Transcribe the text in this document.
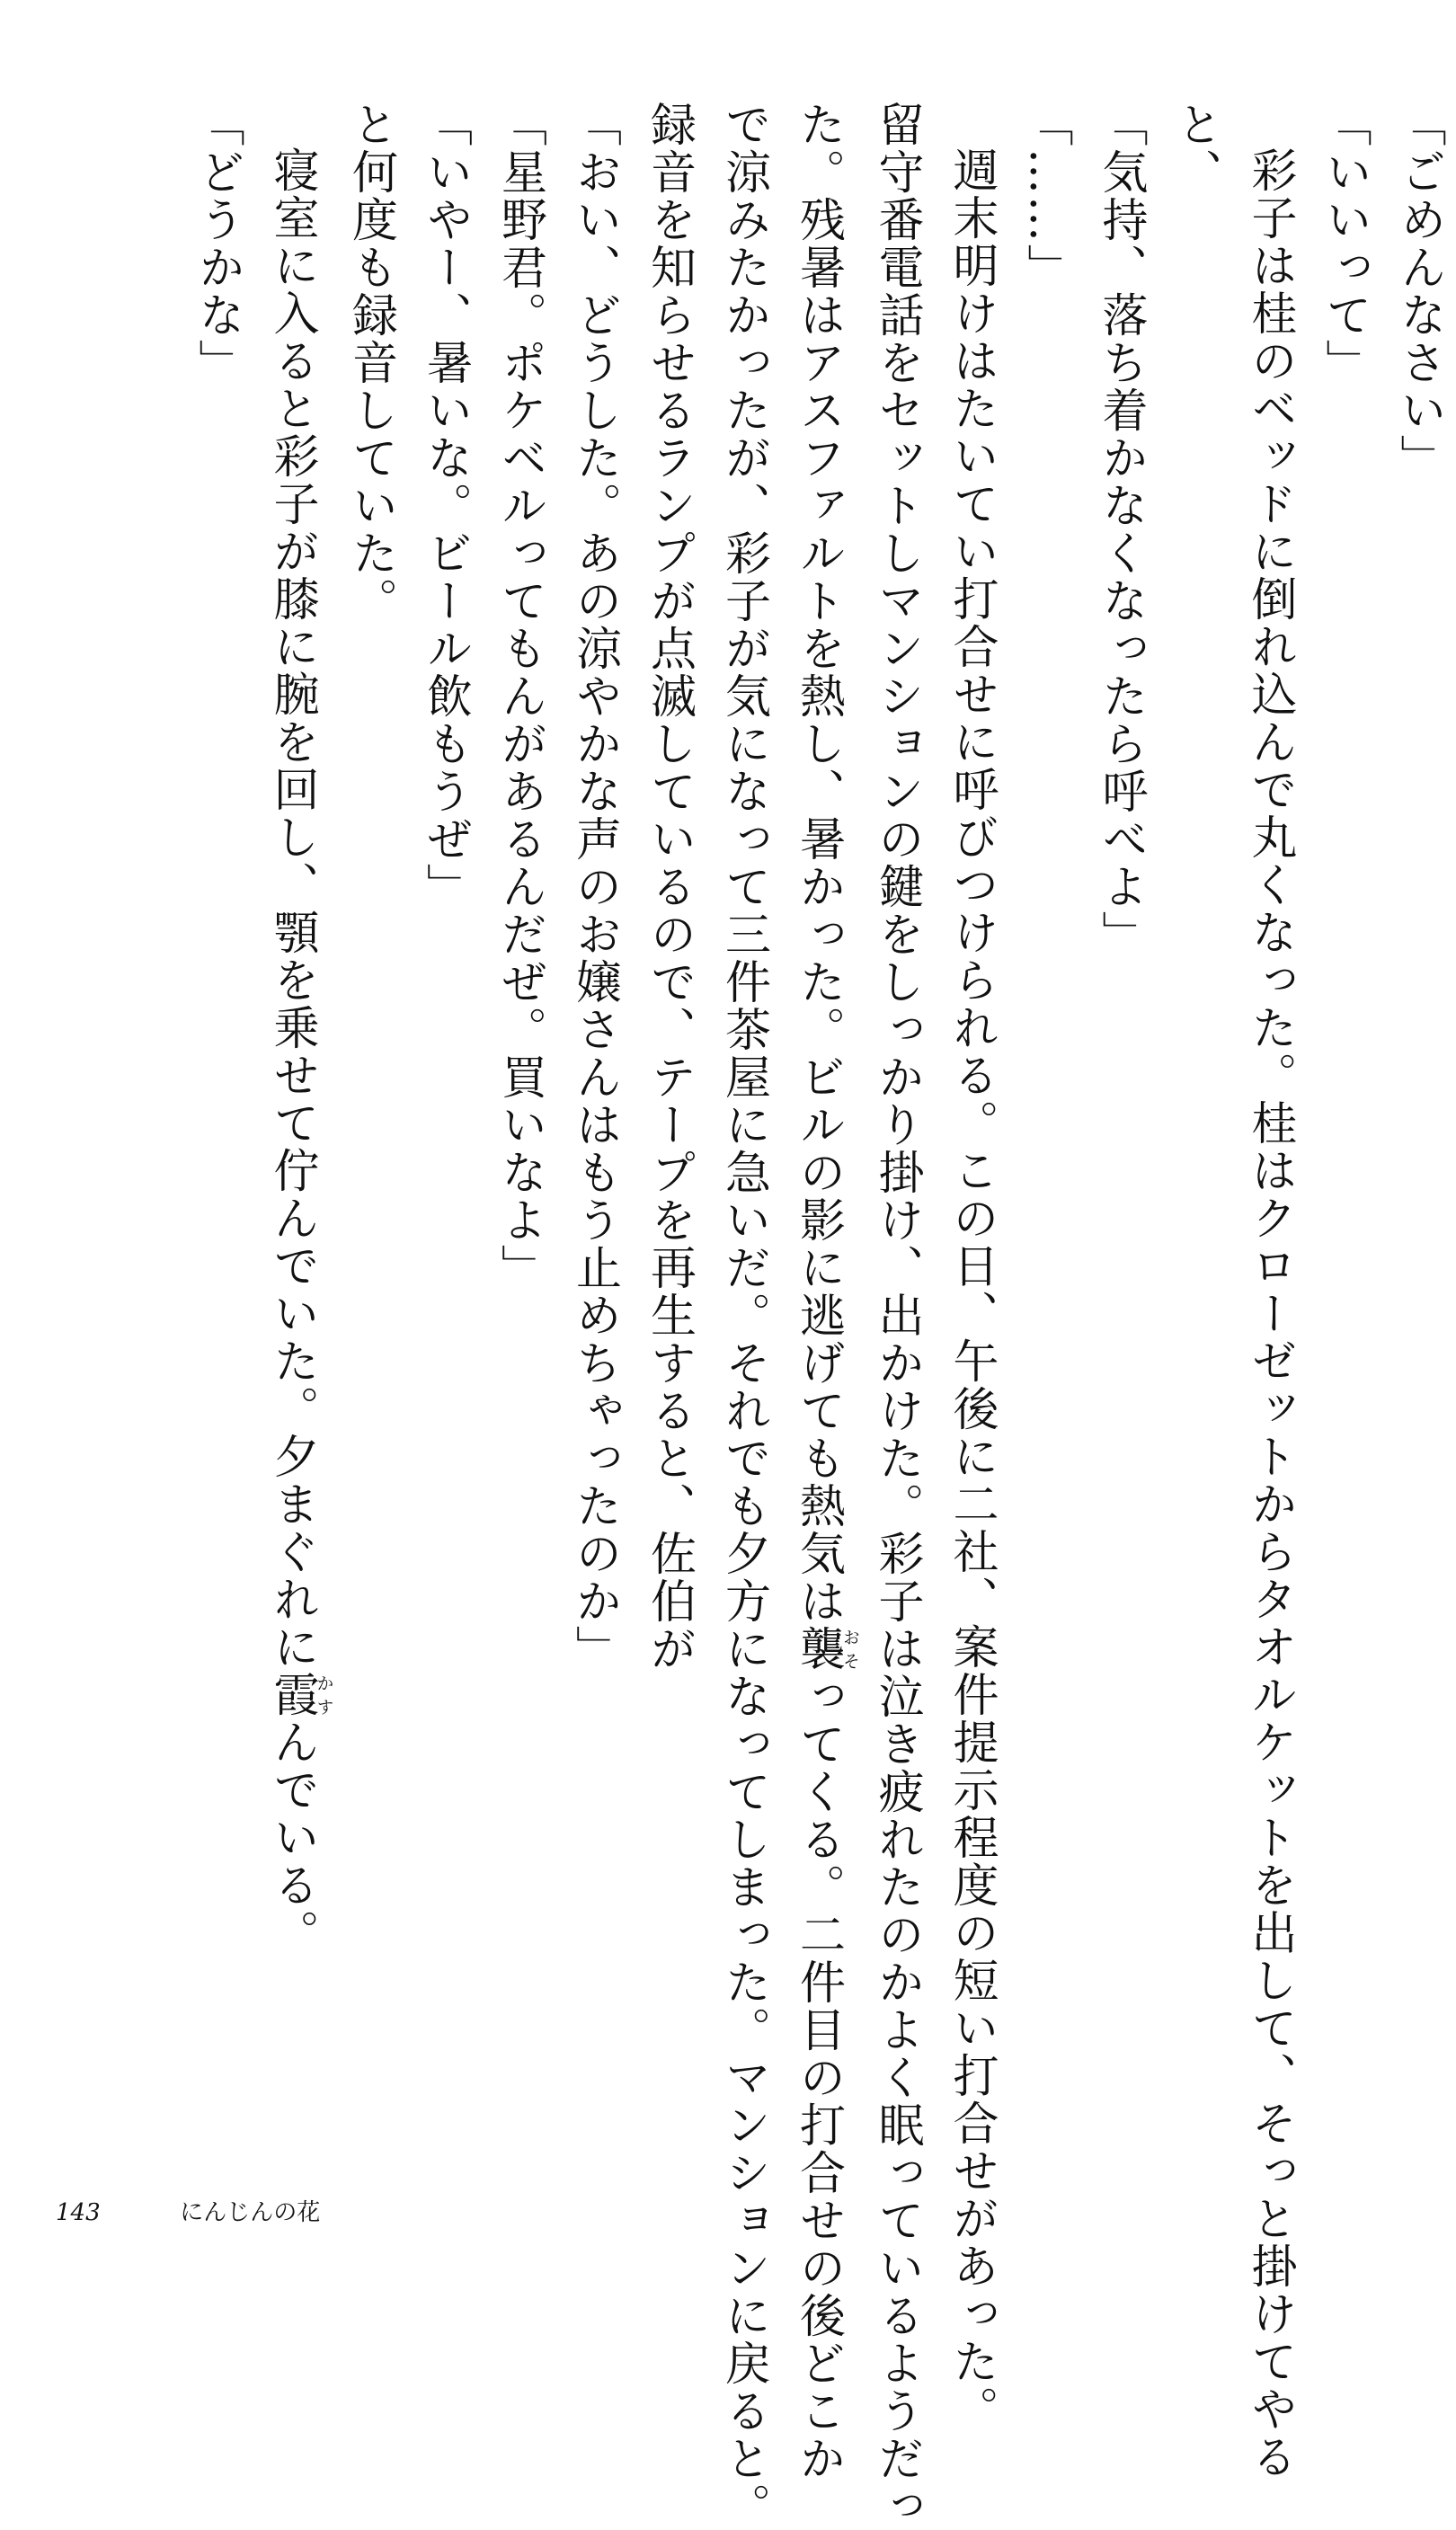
「ごめんなさい」
「いいって」
彩子は桂のベッドに倒れ込んで丸くなった。桂はクローゼットからタオルケットを出して、そっと掛けてやる
と、
「気持、落ち着かなくなったら呼べよ」
「……」
週末明けはたいてい打合せに呼びつけられる。この日、午後に二社、案件提示程度の短い打合せがあった。
留守番電話をセットしマンションの鍵をしっかり掛け、出かけた。彩子は泣き疲れたのかよく眠っているようだっ
た。残暑はアスファルトを熱し、暑かった。ビルの影に逃げても熱気は襲おそってくる。二件目の打合せの後どこか
で涼みたかったが、彩子が気になって三件茶屋に急いだ。それでも夕方になってしまった。マンションに戻ると。
録音を知らせるランプが点滅しているので、テープを再生すると、佐伯が
「おい、どうした。あの涼やかな声のお嬢さんはもう止めちゃったのか」
「星野君。ポケベルってもんがあるんだぜ。買いなよ」
「いやー、暑いな。ビール飲もうぜ」
と何度も録音していた。
寝室に入ると彩子が膝に腕を回し、顎を乗せて佇んでいた。夕まぐれに霞かすんでいる。
「どうかな」
143	にんじんの花
